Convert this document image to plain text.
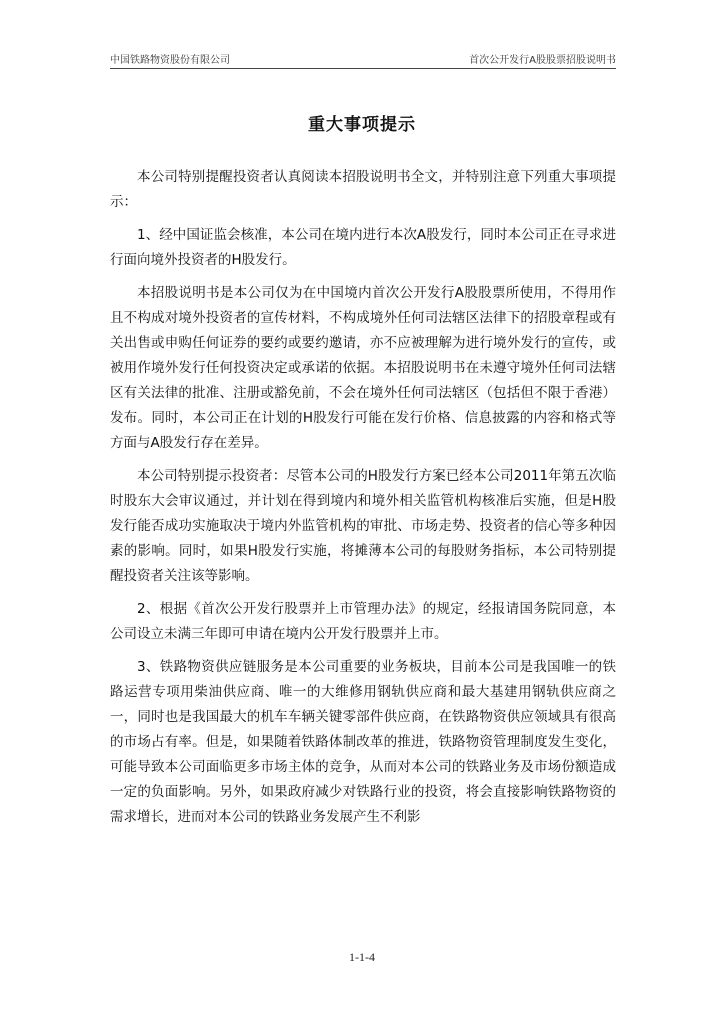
中国铁路物资股份有限公司	首次公开发行A股股票招股说明书
重大事项提示

本公司特别提醒投资者认真阅读本招股说明书全文，并特别注意下列重大事项提示：

1、经中国证监会核准，本公司在境内进行本次A股发行，同时本公司正在寻求进行面向境外投资者的H股发行。

本招股说明书是本公司仅为在中国境内首次公开发行A股股票所使用，不得用作且不构成对境外投资者的宣传材料，不构成境外任何司法辖区法律下的招股章程或有关出售或申购任何证券的要约或要约邀请，亦不应被理解为进行境外发行的宣传，或被用作境外发行任何投资决定或承诺的依据。本招股说明书在未遵守境外任何司法辖区有关法律的批准、注册或豁免前，不会在境外任何司法辖区（包括但不限于香港）发布。同时，本公司正在计划的H股发行可能在发行价格、信息披露的内容和格式等方面与A股发行存在差异。

本公司特别提示投资者：尽管本公司的H股发行方案已经本公司2011年第五次临时股东大会审议通过，并计划在得到境内和境外相关监管机构核准后实施，但是H股发行能否成功实施取决于境内外监管机构的审批、市场走势、投资者的信心等多种因素的影响。同时，如果H股发行实施，将摊薄本公司的每股财务指标，本公司特别提醒投资者关注该等影响。

2、根据《首次公开发行股票并上市管理办法》的规定，经报请国务院同意，本公司设立未满三年即可申请在境内公开发行股票并上市。

3、铁路物资供应链服务是本公司重要的业务板块，目前本公司是我国唯一的铁路运营专项用柴油供应商、唯一的大维修用钢轨供应商和最大基建用钢轨供应商之一，同时也是我国最大的机车车辆关键零部件供应商，在铁路物资供应领域具有很高的市场占有率。但是，如果随着铁路体制改革的推进，铁路物资管理制度发生变化，可能导致本公司面临更多市场主体的竞争，从而对本公司的铁路业务及市场份额造成一定的负面影响。另外，如果政府减少对铁路行业的投资，将会直接影响铁路物资的需求增长，进而对本公司的铁路业务发展产生不利影

1-1-4
